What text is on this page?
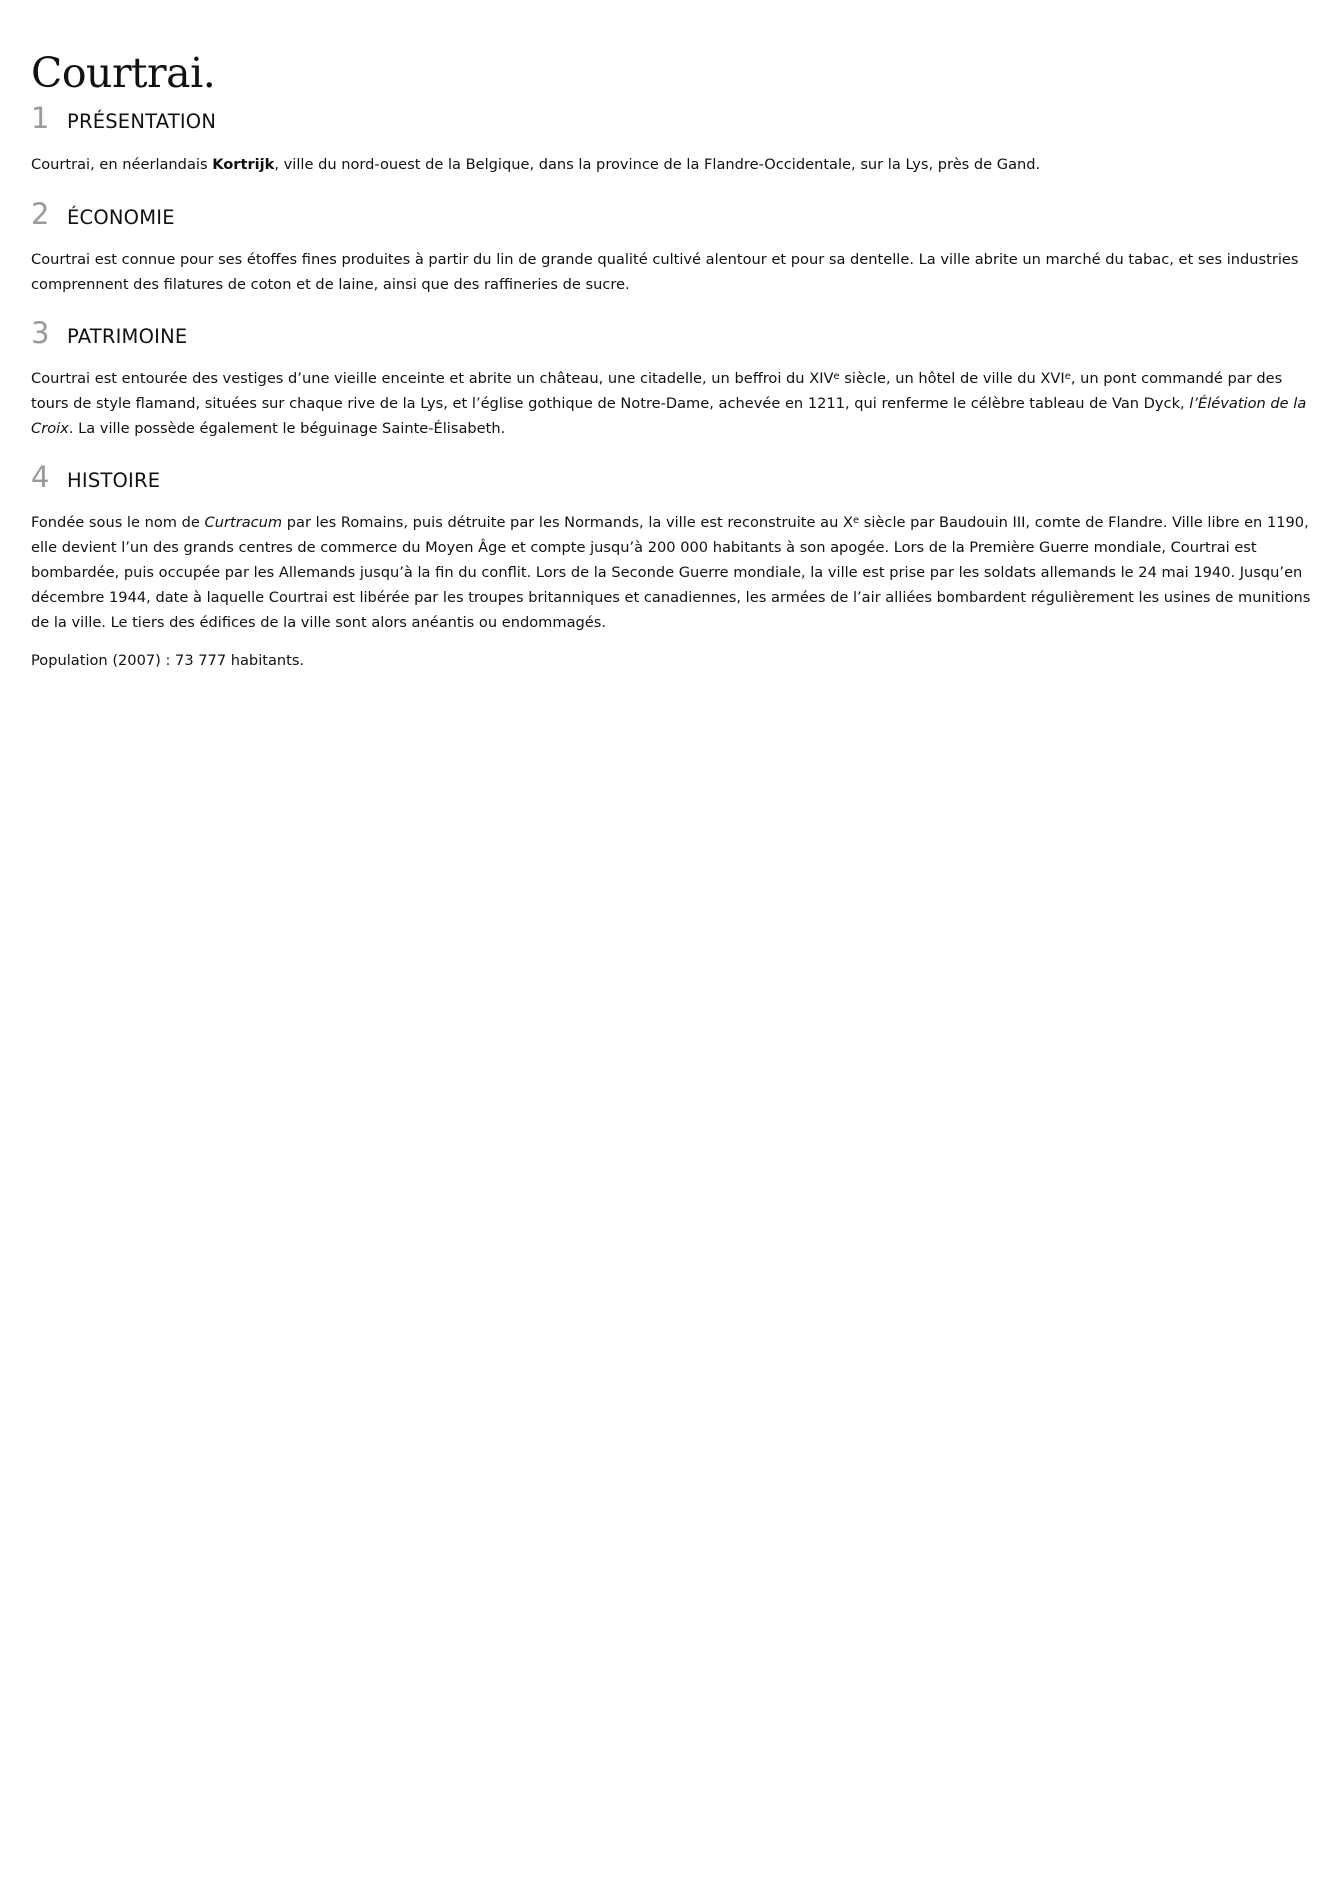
Courtrai.
1 PRÉSENTATION

Courtrai, en néerlandais Kortrijk, ville du nord-ouest de la Belgique, dans la province de la Flandre-Occidentale, sur la Lys, près de Gand.

2 ÉCONOMIE

Courtrai est connue pour ses étoffes fines produites à partir du lin de grande qualité cultivé alentour et pour sa dentelle. La ville abrite un marché du tabac, et ses industries comprennent des filatures de coton et de laine, ainsi que des raffineries de sucre.

3 PATRIMOINE

Courtrai est entourée des vestiges d’une vieille enceinte et abrite un château, une citadelle, un beffroi du XIVe siècle, un hôtel de ville du XVIe, un pont commandé par des tours de style flamand, situées sur chaque rive de la Lys, et l’église gothique de Notre-Dame, achevée en 1211, qui renferme le célèbre tableau de Van Dyck, l’Élévation de la Croix. La ville possède également le béguinage Sainte-Élisabeth.

4 HISTOIRE

Fondée sous le nom de Curtracum par les Romains, puis détruite par les Normands, la ville est reconstruite au Xe siècle par Baudouin III, comte de Flandre. Ville libre en 1190, elle devient l’un des grands centres de commerce du Moyen Âge et compte jusqu’à 200 000 habitants à son apogée. Lors de la Première Guerre mondiale, Courtrai est bombardée, puis occupée par les Allemands jusqu’à la fin du conflit. Lors de la Seconde Guerre mondiale, la ville est prise par les soldats allemands le 24 mai 1940. Jusqu’en décembre 1944, date à laquelle Courtrai est libérée par les troupes britanniques et canadiennes, les armées de l’air alliées bombardent régulièrement les usines de munitions de la ville. Le tiers des édifices de la ville sont alors anéantis ou endommagés.

Population (2007) : 73 777 habitants.
